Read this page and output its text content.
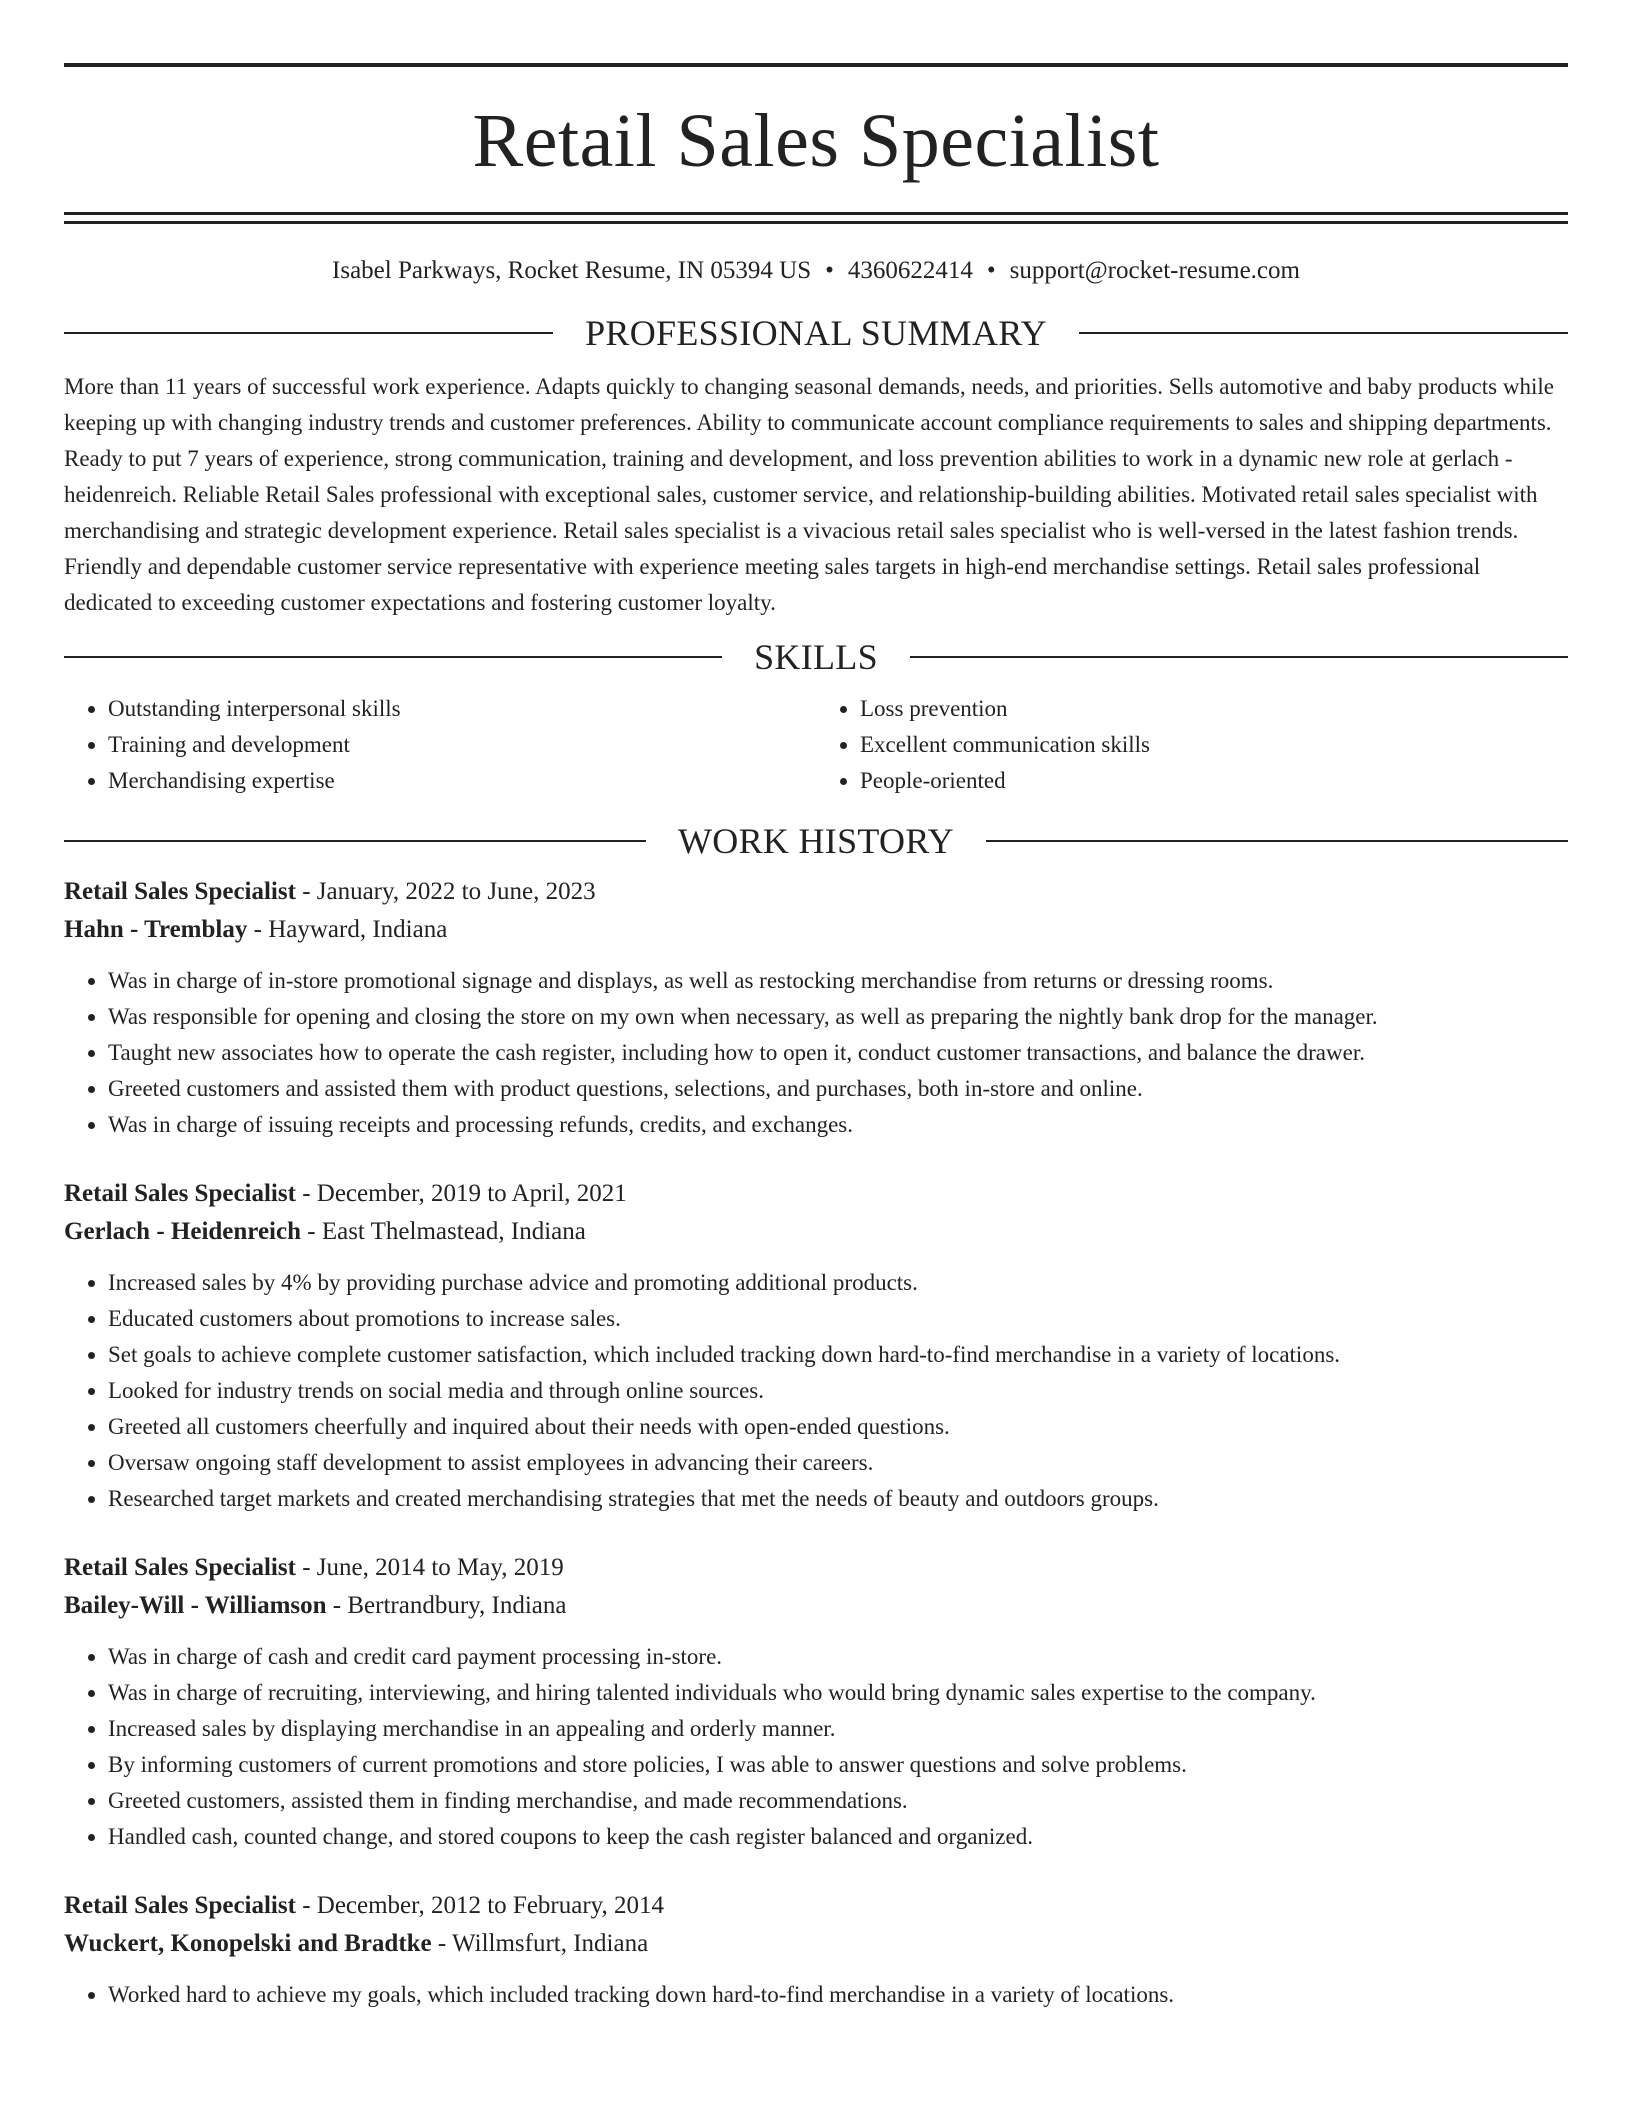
Retail Sales Specialist
Isabel Parkways, Rocket Resume, IN 05394 US • 4360622414 • support@rocket-resume.com
PROFESSIONAL SUMMARY

More than 11 years of successful work experience. Adapts quickly to changing seasonal demands, needs, and priorities. Sells automotive and baby products while keeping up with changing industry trends and customer preferences. Ability to communicate account compliance requirements to sales and shipping departments. Ready to put 7 years of experience, strong communication, training and development, and loss prevention abilities to work in a dynamic new role at gerlach - heidenreich. Reliable Retail Sales professional with exceptional sales, customer service, and relationship-building abilities. Motivated retail sales specialist with merchandising and strategic development experience. Retail sales specialist is a vivacious retail sales specialist who is well-versed in the latest fashion trends. Friendly and dependable customer service representative with experience meeting sales targets in high-end merchandise settings. Retail sales professional dedicated to exceeding customer expectations and fostering customer loyalty.

SKILLS
• Outstanding interpersonal skills
• Training and development
• Merchandising expertise
• Loss prevention
• Excellent communication skills
• People-oriented
WORK HISTORY
Retail Sales Specialist - January, 2022 to June, 2023
Hahn - Tremblay - Hayward, Indiana
• Was in charge of in-store promotional signage and displays, as well as restocking merchandise from returns or dressing rooms.
• Was responsible for opening and closing the store on my own when necessary, as well as preparing the nightly bank drop for the manager.
• Taught new associates how to operate the cash register, including how to open it, conduct customer transactions, and balance the drawer.
• Greeted customers and assisted them with product questions, selections, and purchases, both in-store and online.
• Was in charge of issuing receipts and processing refunds, credits, and exchanges.
Retail Sales Specialist - December, 2019 to April, 2021
Gerlach - Heidenreich - East Thelmastead, Indiana
• Increased sales by 4% by providing purchase advice and promoting additional products.
• Educated customers about promotions to increase sales.
• Set goals to achieve complete customer satisfaction, which included tracking down hard-to-find merchandise in a variety of locations.
• Looked for industry trends on social media and through online sources.
• Greeted all customers cheerfully and inquired about their needs with open-ended questions.
• Oversaw ongoing staff development to assist employees in advancing their careers.
• Researched target markets and created merchandising strategies that met the needs of beauty and outdoors groups.
Retail Sales Specialist - June, 2014 to May, 2019
Bailey-Will - Williamson - Bertrandbury, Indiana
• Was in charge of cash and credit card payment processing in-store.
• Was in charge of recruiting, interviewing, and hiring talented individuals who would bring dynamic sales expertise to the company.
• Increased sales by displaying merchandise in an appealing and orderly manner.
• By informing customers of current promotions and store policies, I was able to answer questions and solve problems.
• Greeted customers, assisted them in finding merchandise, and made recommendations.
• Handled cash, counted change, and stored coupons to keep the cash register balanced and organized.
Retail Sales Specialist - December, 2012 to February, 2014
Wuckert, Konopelski and Bradtke - Willmsfurt, Indiana
• Worked hard to achieve my goals, which included tracking down hard-to-find merchandise in a variety of locations.
